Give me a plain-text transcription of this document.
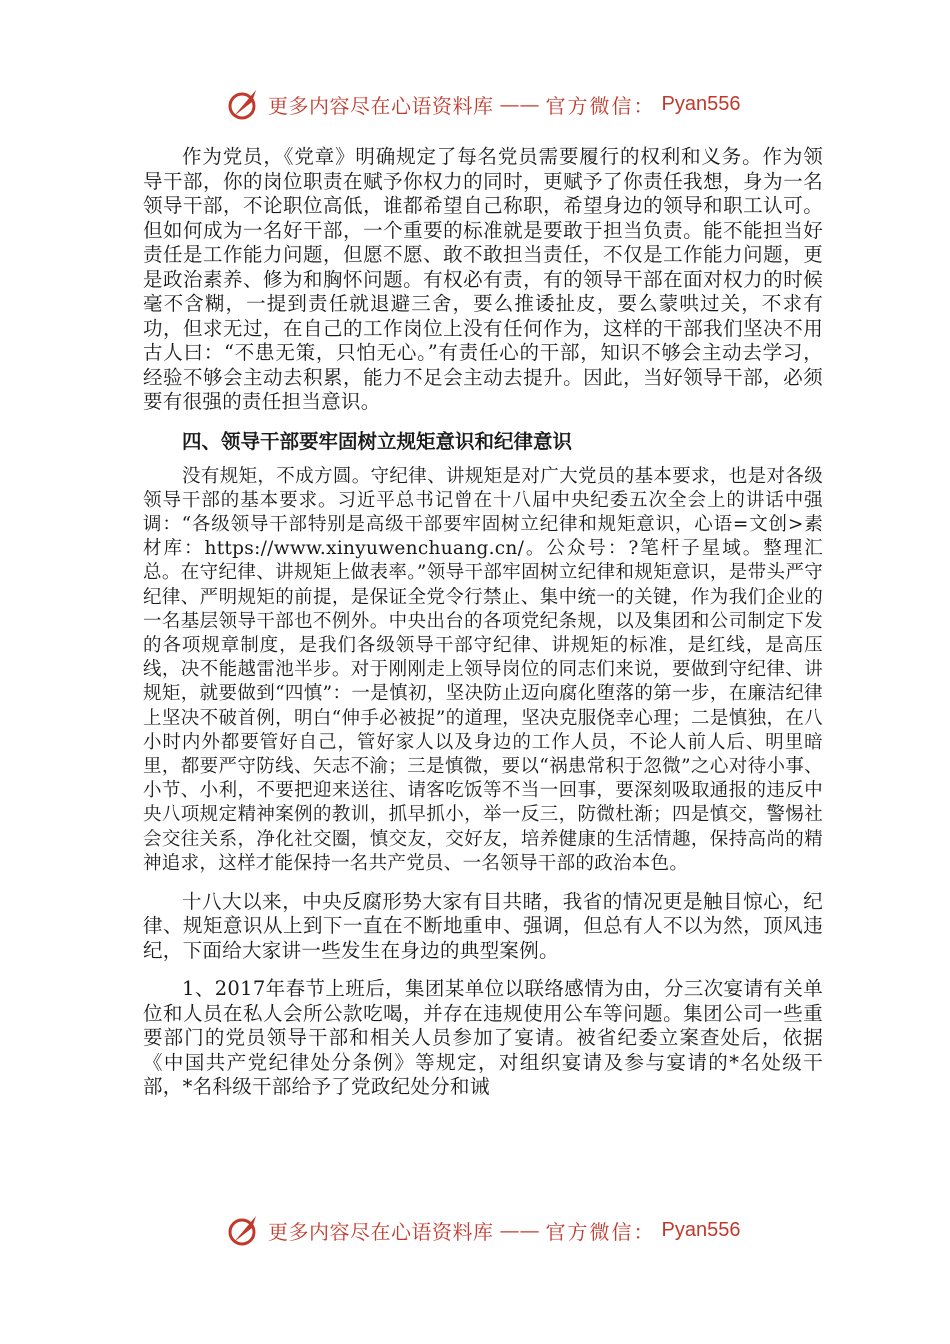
更多内容尽在心语资料库 —— 官方微信： Pyan556

作为党员，《党章》明确规定了每名党员需要履行的权利和义务。作为领导干部，你的岗位职责在赋予你权力的同时，更赋予了你责任我想，身为一名领导干部，不论职位高低，谁都希望自己称职，希望身边的领导和职工认可。但如何成为一名好干部，一个重要的标准就是要敢于担当负责。能不能担当好责任是工作能力问题，但愿不愿、敢不敢担当责任，不仅是工作能力问题，更是政治素养、修为和胸怀问题。有权必有责，有的领导干部在面对权力的时候毫不含糊，一提到责任就退避三舍，要么推诿扯皮，要么蒙哄过关，不求有功，但求无过，在自己的工作岗位上没有任何作为，这样的干部我们坚决不用古人曰：“不患无策，只怕无心。”有责任心的干部，知识不够会主动去学习，经验不够会主动去积累，能力不足会主动去提升。因此，当好领导干部，必须要有很强的责任担当意识。

四、领导干部要牢固树立规矩意识和纪律意识

没有规矩，不成方圆。守纪律、讲规矩是对广大党员的基本要求，也是对各级领导干部的基本要求。习近平总书记曾在十八届中央纪委五次全会上的讲话中强调：“各级领导干部特别是高级干部要牢固树立纪律和规矩意识，心语=文创>素材库：https://www.xinyuwenchuang.cn/。公众号：?笔杆子星域。整理汇总。在守纪律、讲规矩上做表率。”领导干部牢固树立纪律和规矩意识，是带头严守纪律、严明规矩的前提，是保证全党令行禁止、集中统一的关键，作为我们企业的一名基层领导干部也不例外。中央出台的各项党纪条规，以及集团和公司制定下发的各项规章制度，是我们各级领导干部守纪律、讲规矩的标准，是红线，是高压线，决不能越雷池半步。对于刚刚走上领导岗位的同志们来说，要做到守纪律、讲规矩，就要做到“四慎”：一是慎初，坚决防止迈向腐化堕落的第一步，在廉洁纪律上坚决不破首例，明白“伸手必被捉”的道理，坚决克服侥幸心理；二是慎独，在八小时内外都要管好自己，管好家人以及身边的工作人员，不论人前人后、明里暗里，都要严守防线、矢志不渝；三是慎微，要以“祸患常积于忽微”之心对待小事、小节、小利，不要把迎来送往、请客吃饭等不当一回事，要深刻吸取通报的违反中央八项规定精神案例的教训，抓早抓小，举一反三，防微杜渐；四是慎交，警惕社会交往关系，净化社交圈，慎交友，交好友，培养健康的生活情趣，保持高尚的精神追求，这样才能保持一名共产党员、一名领导干部的政治本色。

十八大以来，中央反腐形势大家有目共睹，我省的情况更是触目惊心，纪律、规矩意识从上到下一直在不断地重申、强调，但总有人不以为然，顶风违纪，下面给大家讲一些发生在身边的典型案例。

1、2017年春节上班后，集团某单位以联络感情为由，分三次宴请有关单位和人员在私人会所公款吃喝，并存在违规使用公车等问题。集团公司一些重要部门的党员领导干部和相关人员参加了宴请。被省纪委立案查处后，依据《中国共产党纪律处分条例》等规定，对组织宴请及参与宴请的*名处级干部，*名科级干部给予了党政纪处分和诫

更多内容尽在心语资料库 —— 官方微信： Pyan556
